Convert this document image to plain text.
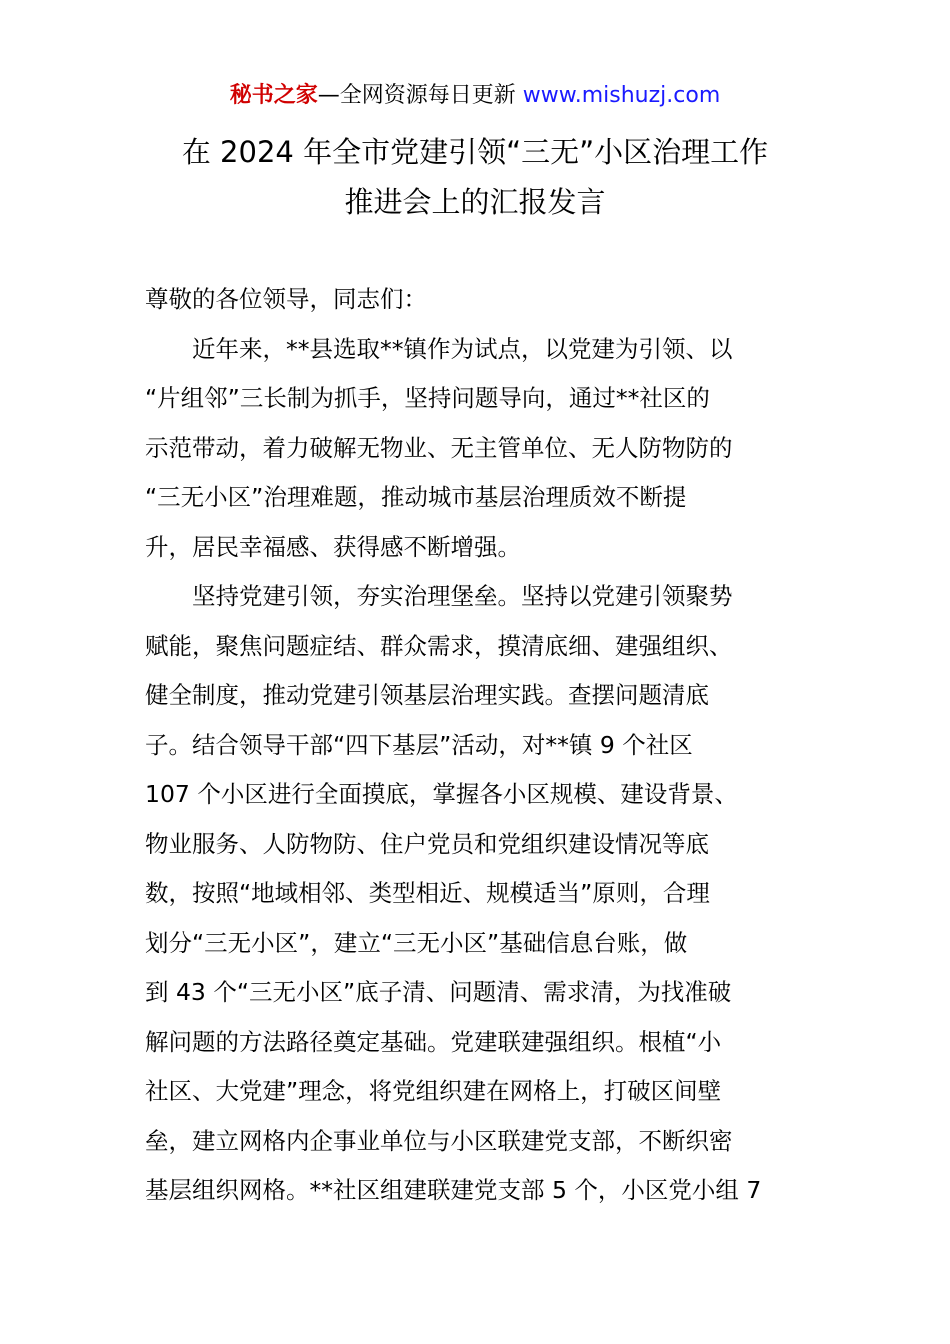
秘书之家—全网资源每日更新 www.mishuzj.com
在 2024 年全市党建引领“三无”小区治理工作
推进会上的汇报发言
尊敬的各位领导，同志们：
　　近年来，**县选取**镇作为试点，以党建为引领、以
“片组邻”三长制为抓手，坚持问题导向，通过**社区的
示范带动，着力破解无物业、无主管单位、无人防物防的
“三无小区”治理难题，推动城市基层治理质效不断提
升，居民幸福感、获得感不断增强。
　　坚持党建引领，夯实治理堡垒。坚持以党建引领聚势
赋能，聚焦问题症结、群众需求，摸清底细、建强组织、
健全制度，推动党建引领基层治理实践。查摆问题清底
子。结合领导干部“四下基层”活动，对**镇 9 个社区
107 个小区进行全面摸底，掌握各小区规模、建设背景、
物业服务、人防物防、住户党员和党组织建设情况等底
数，按照“地域相邻、类型相近、规模适当”原则，合理
划分“三无小区”，建立“三无小区”基础信息台账，做
到 43 个“三无小区”底子清、问题清、需求清，为找准破
解问题的方法路径奠定基础。党建联建强组织。根植“小
社区、大党建”理念，将党组织建在网格上，打破区间壁
垒，建立网格内企事业单位与小区联建党支部，不断织密
基层组织网格。**社区组建联建党支部 5 个，小区党小组 7
